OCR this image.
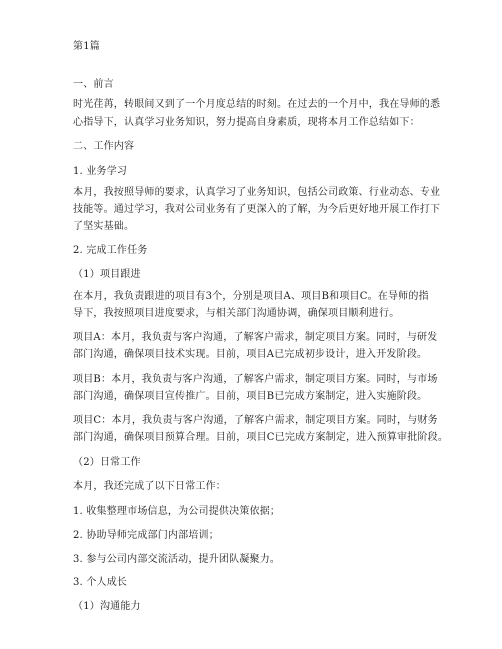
第1篇
一、前言
时光荏苒，转眼间又到了一个月度总结的时刻。在过去的一个月中，我在导师的悉
心指导下，认真学习业务知识，努力提高自身素质，现将本月工作总结如下：
二、工作内容
1. 业务学习
本月，我按照导师的要求，认真学习了业务知识，包括公司政策、行业动态、专业
技能等。通过学习，我对公司业务有了更深入的了解，为今后更好地开展工作打下
了坚实基础。
2. 完成工作任务
（1）项目跟进
在本月，我负责跟进的项目有3个，分别是项目A、项目B和项目C。在导师的指
导下，我按照项目进度要求，与相关部门沟通协调，确保项目顺利进行。
项目A：本月，我负责与客户沟通，了解客户需求，制定项目方案。同时，与研发
部门沟通，确保项目技术实现。目前，项目A已完成初步设计，进入开发阶段。
项目B：本月，我负责与客户沟通，了解客户需求，制定项目方案。同时，与市场
部门沟通，确保项目宣传推广。目前，项目B已完成方案制定，进入实施阶段。
项目C：本月，我负责与客户沟通，了解客户需求，制定项目方案。同时，与财务
部门沟通，确保项目预算合理。目前，项目C已完成方案制定，进入预算审批阶段。
（2）日常工作
本月，我还完成了以下日常工作：
1. 收集整理市场信息，为公司提供决策依据；
2. 协助导师完成部门内部培训；
3. 参与公司内部交流活动，提升团队凝聚力。
3. 个人成长
（1）沟通能力
